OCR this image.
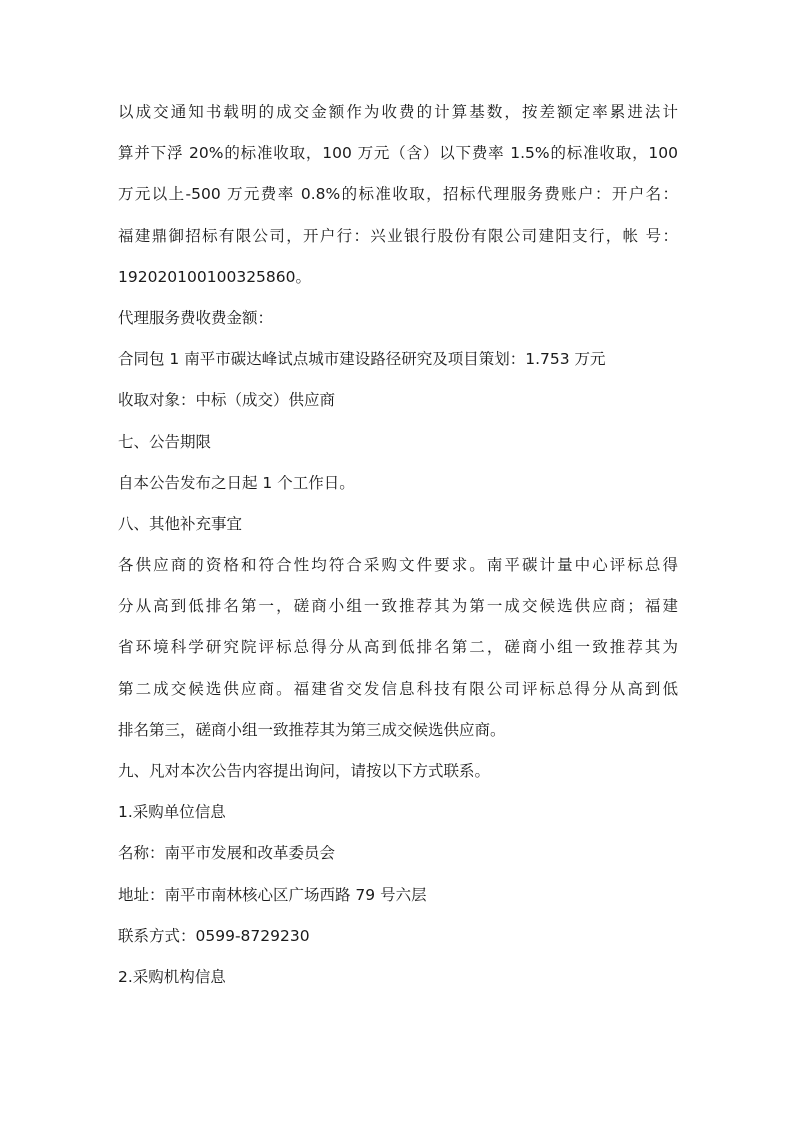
以成交通知书载明的成交金额作为收费的计算基数，按差额定率累进法计
算并下浮 20%的标准收取，100 万元（含）以下费率 1.5%的标准收取，100
万元以上-500 万元费率 0.8%的标准收取，招标代理服务费账户：开户名：
福建鼎御招标有限公司，开户行：兴业银行股份有限公司建阳支行，帐 号：
192020100100325860。
代理服务费收费金额：
合同包 1 南平市碳达峰试点城市建设路径研究及项目策划：1.753 万元
收取对象：中标（成交）供应商
七、公告期限
自本公告发布之日起 1 个工作日。
八、其他补充事宜
各供应商的资格和符合性均符合采购文件要求。南平碳计量中心评标总得
分从高到低排名第一，磋商小组一致推荐其为第一成交候选供应商；福建
省环境科学研究院评标总得分从高到低排名第二，磋商小组一致推荐其为
第二成交候选供应商。福建省交发信息科技有限公司评标总得分从高到低
排名第三，磋商小组一致推荐其为第三成交候选供应商。
九、凡对本次公告内容提出询问，请按以下方式联系。
1.采购单位信息
名称：南平市发展和改革委员会
地址：南平市南林核心区广场西路 79 号六层
联系方式：0599-8729230
2.采购机构信息
